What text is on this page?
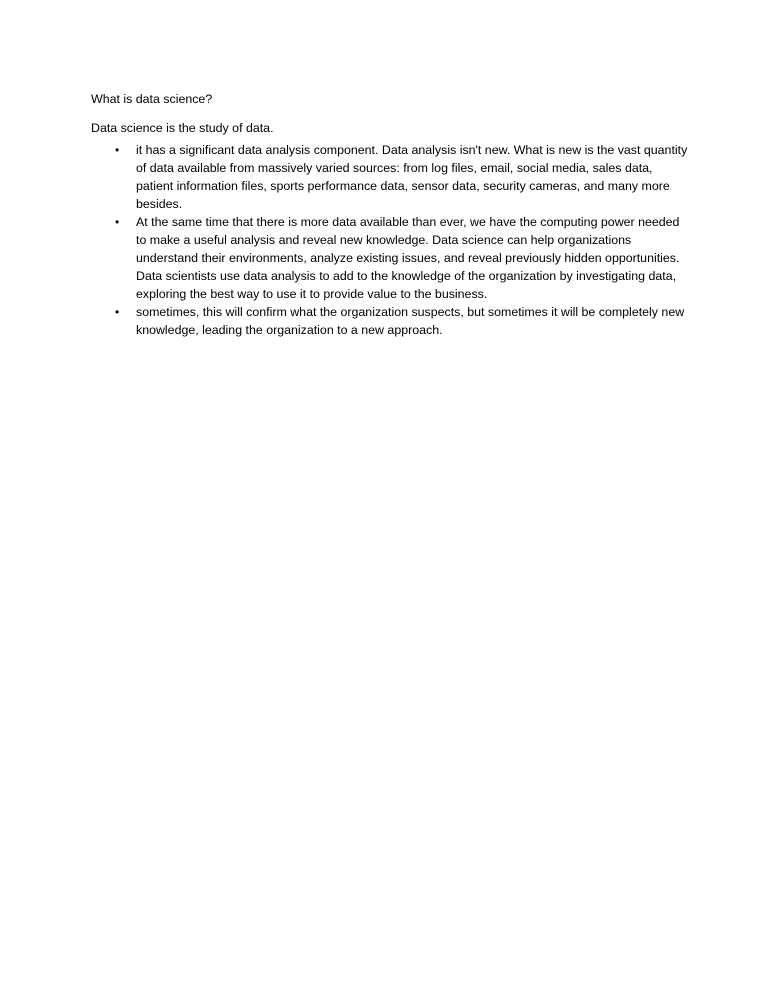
What is data science?

Data science is the study of data.

• it has a significant data analysis component. Data analysis isn't new. What is new is the vast quantity of data available from massively varied sources: from log files, email, social media, sales data, patient information files, sports performance data, sensor data, security cameras, and many more besides.
• At the same time that there is more data available than ever, we have the computing power needed to make a useful analysis and reveal new knowledge. Data science can help organizations understand their environments, analyze existing issues, and reveal previously hidden opportunities. Data scientists use data analysis to add to the knowledge of the organization by investigating data, exploring the best way to use it to provide value to the business.
• sometimes, this will confirm what the organization suspects, but sometimes it will be completely new knowledge, leading the organization to a new approach.
